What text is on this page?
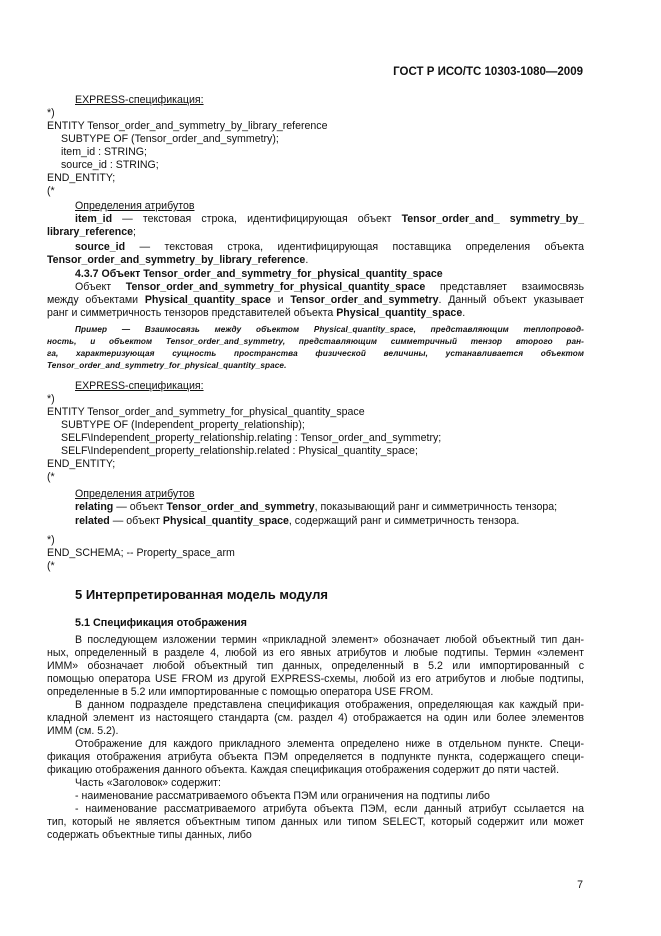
ГОСТ Р ИСО/ТС 10303-1080—2009
EXPRESS-спецификация:
*)
ENTITY Tensor_order_and_symmetry_by_library_reference
SUBTYPE OF (Tensor_order_and_symmetry);
item_id : STRING;
source_id : STRING;
END_ENTITY;
(*
Определения атрибутов
item_id — текстовая строка, идентифицирующая объект Tensor_order_and_ symmetry_by_
library_reference;
source_id — текстовая строка, идентифицирующая поставщика определения объекта
Tensor_order_and_symmetry_by_library_reference.
4.3.7 Объект Tensor_order_and_symmetry_for_physical_quantity_space
Объект Tensor_order_and_symmetry_for_physical_quantity_space представляет взаимосвязь
между объектами Physical_quantity_space и Tensor_order_and_symmetry. Данный объект указывает
ранг и симметричность тензоров представителей объекта Physical_quantity_space.
Пример — Взаимосвязь между объектом Physical_quantity_space, представляющим теплопровод-
ность, и объектом Tensor_order_and_symmetry, представляющим симметричный тензор второго ран-
га, характеризующая сущность пространства физической величины, устанавливается объектом
Tensor_order_and_symmetry_for_physical_quantity_space.
EXPRESS-спецификация:
*)
ENTITY Tensor_order_and_symmetry_for_physical_quantity_space
SUBTYPE OF (Independent_property_relationship);
SELF\Independent_property_relationship.relating : Tensor_order_and_symmetry;
SELF\Independent_property_relationship.related : Physical_quantity_space;
END_ENTITY;
(*
Определения атрибутов
relating — объект Tensor_order_and_symmetry, показывающий ранг и симметричность тензора;
related — объект Physical_quantity_space, содержащий ранг и симметричность тензора.
*)
END_SCHEMA; -- Property_space_arm
(*
5 Интерпретированная модель модуля
5.1 Спецификация отображения
В последующем изложении термин «прикладной элемент» обозначает любой объектный тип дан-
ных, определенный в разделе 4, любой из его явных атрибутов и любые подтипы. Термин «элемент
ИММ» обозначает любой объектный тип данных, определенный в 5.2 или импортированный с
помощью оператора USE FROM из другой EXPRESS-схемы, любой из его атрибутов и любые подтипы,
определенные в 5.2 или импортированные с помощью оператора USE FROM.
В данном подразделе представлена спецификация отображения, определяющая как каждый при-
кладной элемент из настоящего стандарта (см. раздел 4) отображается на один или более элементов
ИММ (см. 5.2).
Отображение для каждого прикладного элемента определено ниже в отдельном пункте. Специ-
фикация отображения атрибута объекта ПЭМ определяется в подпункте пункта, содержащего специ-
фикацию отображения данного объекта. Каждая спецификация отображения содержит до пяти частей.
Часть «Заголовок» содержит:
- наименование рассматриваемого объекта ПЭМ или ограничения на подтипы либо
- наименование рассматриваемого атрибута объекта ПЭМ, если данный атрибут ссылается на
тип, который не является объектным типом данных или типом SELECT, который содержит или может
содержать объектные типы данных, либо
7
